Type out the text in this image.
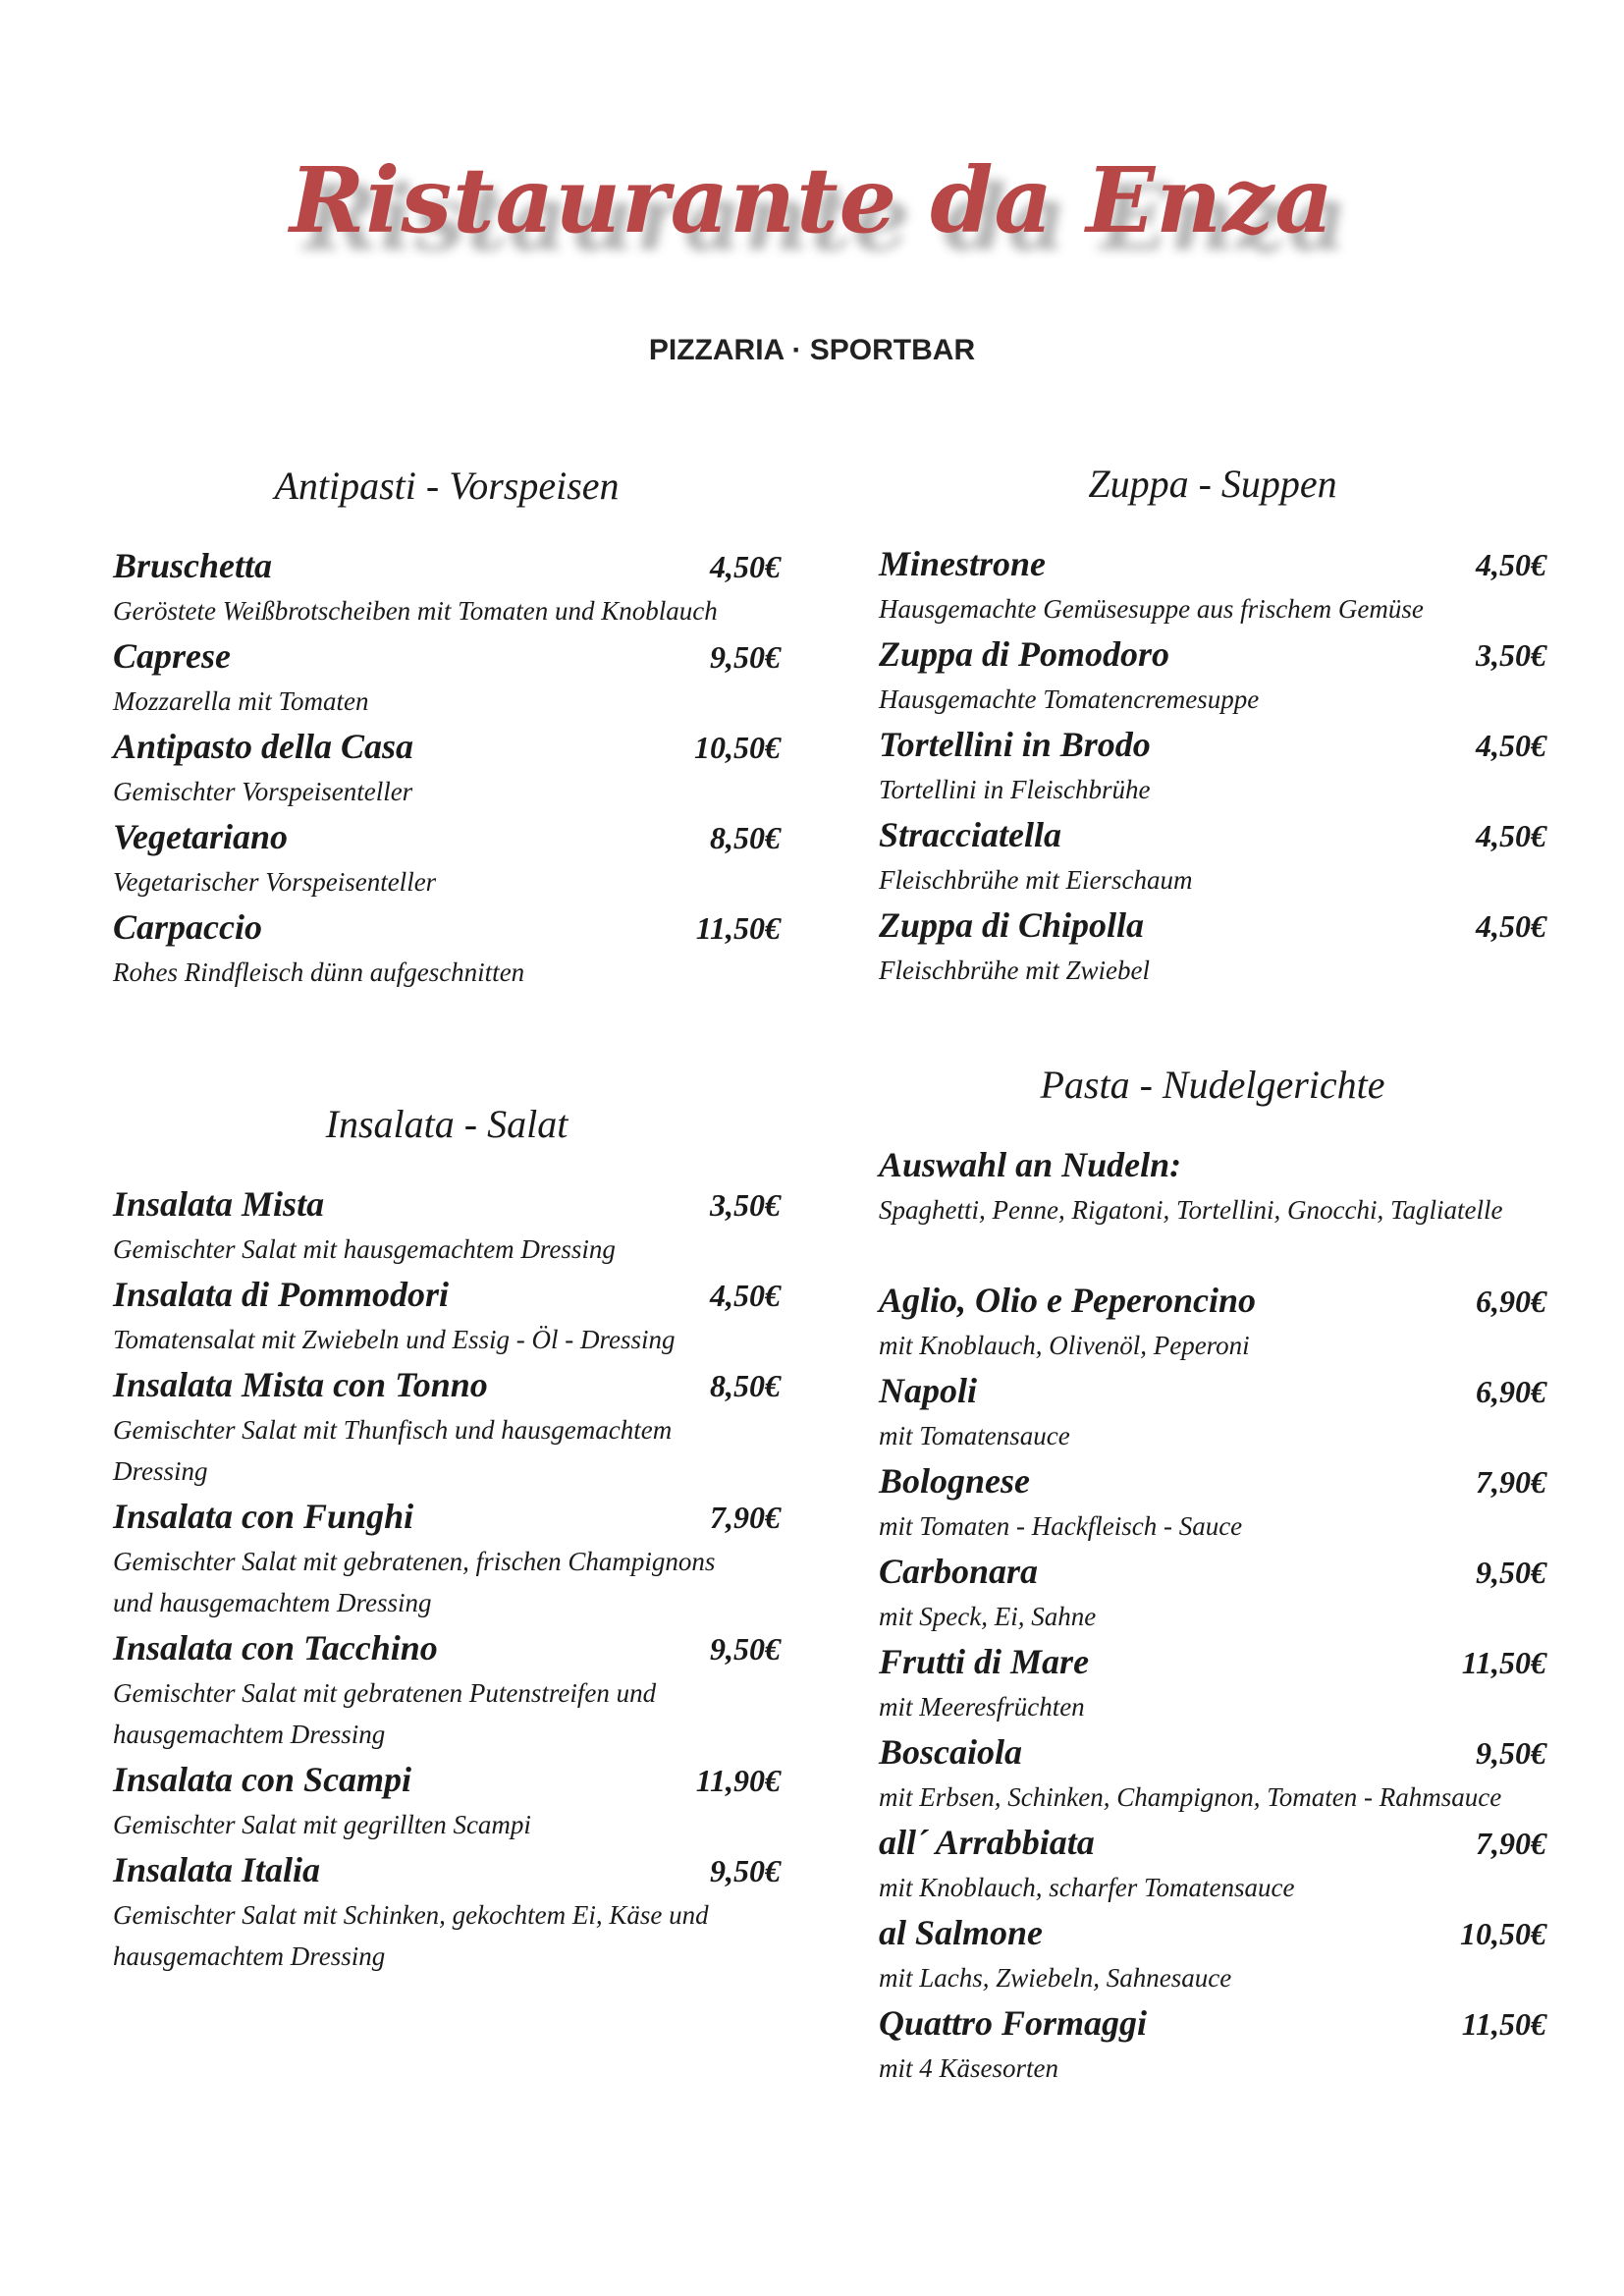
Ristaurante da Enza
PIZZARIA · SPORTBAR
Antipasti - Vorspeisen
Bruschetta	4,50€
Geröstete Weißbrotscheiben mit Tomaten und Knoblauch
Caprese	9,50€
Mozzarella mit Tomaten
Antipasto della Casa	10,50€
Gemischter Vorspeisenteller
Vegetariano	8,50€
Vegetarischer Vorspeisenteller
Carpaccio	11,50€
Rohes Rindfleisch dünn aufgeschnitten
Insalata - Salat
Insalata Mista	3,50€
Gemischter Salat mit hausgemachtem Dressing
Insalata di Pommodori	4,50€
Tomatensalat mit Zwiebeln und Essig - Öl - Dressing
Insalata Mista con Tonno	8,50€
Gemischter Salat mit Thunfisch und hausgemachtem Dressing
Insalata con Funghi	7,90€
Gemischter Salat mit gebratenen, frischen Champignons und hausgemachtem Dressing
Insalata con Tacchino	9,50€
Gemischter Salat mit gebratenen Putenstreifen und hausgemachtem Dressing
Insalata con Scampi	11,90€
Gemischter Salat mit gegrillten Scampi
Insalata Italia	9,50€
Gemischter Salat mit Schinken, gekochtem Ei, Käse und hausgemachtem Dressing
Zuppa - Suppen
Minestrone	4,50€
Hausgemachte Gemüsesuppe aus frischem Gemüse
Zuppa di Pomodoro	3,50€
Hausgemachte Tomatencremesuppe
Tortellini in Brodo	4,50€
Tortellini in Fleischbrühe
Stracciatella	4,50€
Fleischbrühe mit Eierschaum
Zuppa di Chipolla	4,50€
Fleischbrühe mit Zwiebel
Pasta - Nudelgerichte
Auswahl an Nudeln:
Spaghetti, Penne, Rigatoni, Tortellini, Gnocchi, Tagliatelle
Aglio, Olio e Peperoncino	6,90€
mit Knoblauch, Olivenöl, Peperoni
Napoli	6,90€
mit Tomatensauce
Bolognese	7,90€
mit Tomaten - Hackfleisch - Sauce
Carbonara	9,50€
mit Speck, Ei, Sahne
Frutti di Mare	11,50€
mit Meeresfrüchten
Boscaiola	9,50€
mit Erbsen, Schinken, Champignon, Tomaten - Rahmsauce
all´ Arrabbiata	7,90€
mit Knoblauch, scharfer Tomatensauce
al Salmone	10,50€
mit Lachs, Zwiebeln, Sahnesauce
Quattro Formaggi	11,50€
mit 4 Käsesorten
